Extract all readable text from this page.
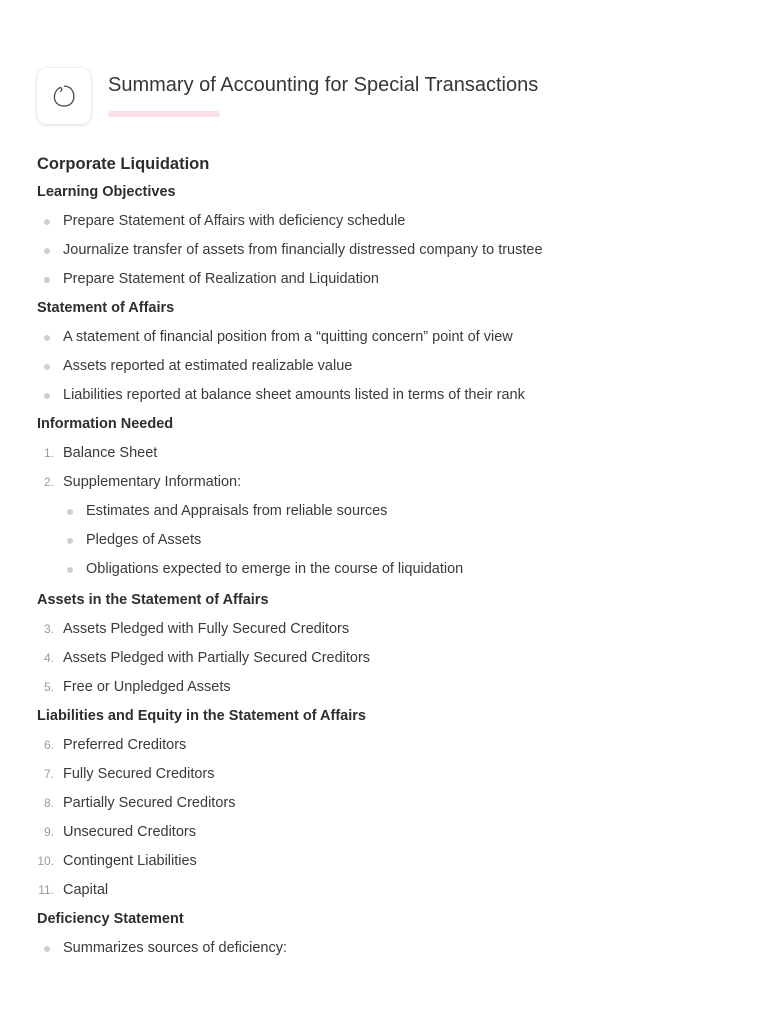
Summary of Accounting for Special Transactions
Corporate Liquidation
Learning Objectives
Prepare Statement of Affairs with deficiency schedule
Journalize transfer of assets from financially distressed company to trustee
Prepare Statement of Realization and Liquidation
Statement of Affairs
A statement of financial position from a “quitting concern” point of view
Assets reported at estimated realizable value
Liabilities reported at balance sheet amounts listed in terms of their rank
Information Needed
1. Balance Sheet
2. Supplementary Information:
Estimates and Appraisals from reliable sources
Pledges of Assets
Obligations expected to emerge in the course of liquidation
Assets in the Statement of Affairs
3. Assets Pledged with Fully Secured Creditors
4. Assets Pledged with Partially Secured Creditors
5. Free or Unpledged Assets
Liabilities and Equity in the Statement of Affairs
6. Preferred Creditors
7. Fully Secured Creditors
8. Partially Secured Creditors
9. Unsecured Creditors
10. Contingent Liabilities
11. Capital
Deficiency Statement
Summarizes sources of deficiency:
